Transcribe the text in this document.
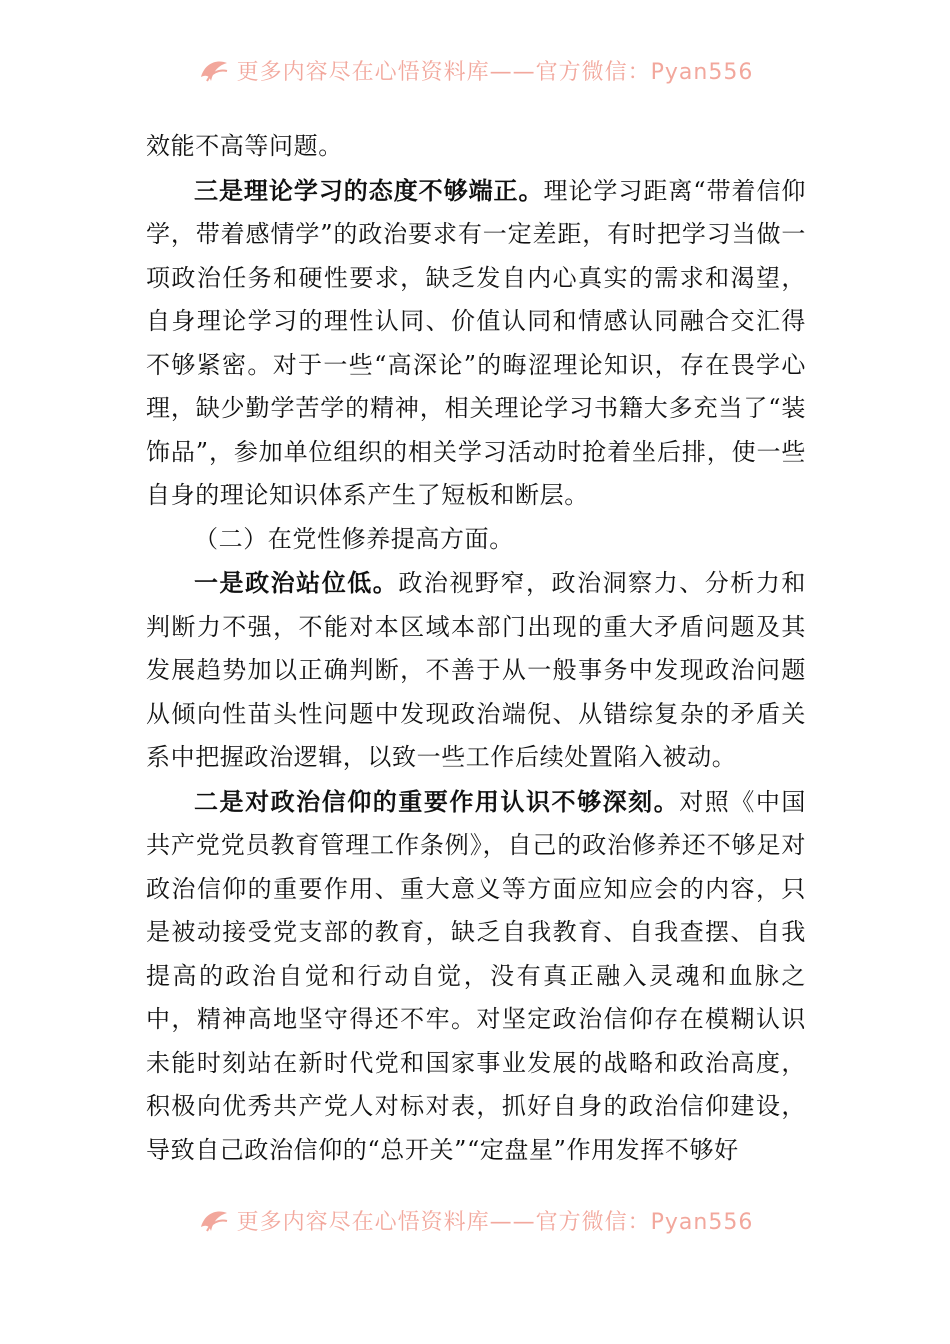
更多内容尽在心悟资料库——官方微信：Pyan556

效能不高等问题。

三是理论学习的态度不够端正。理论学习距离“带着信仰学，带着感情学”的政治要求有一定差距，有时把学习当做一项政治任务和硬性要求，缺乏发自内心真实的需求和渴望，自身理论学习的理性认同、价值认同和情感认同融合交汇得不够紧密。对于一些“高深论”的晦涩理论知识，存在畏学心理，缺少勤学苦学的精神，相关理论学习书籍大多充当了“装饰品”，参加单位组织的相关学习活动时抢着坐后排，使一些自身的理论知识体系产生了短板和断层。

（二）在党性修养提高方面。

一是政治站位低。政治视野窄，政治洞察力、分析力和判断力不强，不能对本区域本部门出现的重大矛盾问题及其发展趋势加以正确判断，不善于从一般事务中发现政治问题从倾向性苗头性问题中发现政治端倪、从错综复杂的矛盾关系中把握政治逻辑，以致一些工作后续处置陷入被动。

二是对政治信仰的重要作用认识不够深刻。对照《中国共产党党员教育管理工作条例》，自己的政治修养还不够足对政治信仰的重要作用、重大意义等方面应知应会的内容，只是被动接受党支部的教育，缺乏自我教育、自我查摆、自我提高的政治自觉和行动自觉，没有真正融入灵魂和血脉之中，精神高地坚守得还不牢。对坚定政治信仰存在模糊认识未能时刻站在新时代党和国家事业发展的战略和政治高度，积极向优秀共产党人对标对表，抓好自身的政治信仰建设，导致自己政治信仰的“总开关”“定盘星”作用发挥不够好

更多内容尽在心悟资料库——官方微信：Pyan556
